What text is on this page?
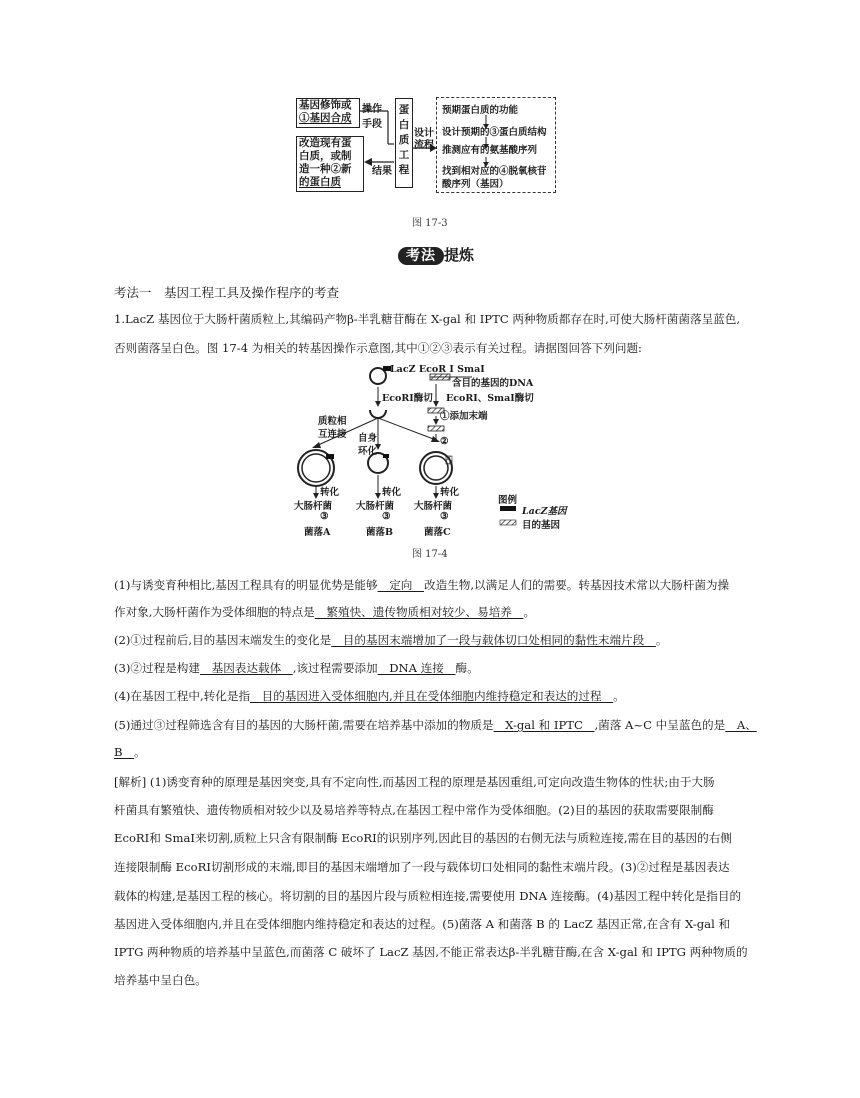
基因修饰或
①基因合成
改造现有蛋
白质，或制
造一种②新
的蛋白质
操作
手段
结果
蛋
白
质
工
程
设计
流程
预期蛋白质的功能
设计预期的③蛋白质结构
推测应有的氨基酸序列
找到相对应的④脱氧核苷
酸序列（基因）
图 17-3
考法 提炼
考法一　基因工程工具及操作程序的考查
1.LacZ 基因位于大肠杆菌质粒上,其编码产物β-半乳糖苷酶在 X-gal 和 IPTC 两种物质都存在时,可使大肠杆菌菌落呈蓝色,
否则菌落呈白色。图 17-4 为相关的转基因操作示意图,其中①②③表示有关过程。请据图回答下列问题:
LacZ EcoR Ⅰ SmaⅠ
含目的基因的DNA
EcoRⅠ酶切 EcoRⅠ、SmaⅠ酶切
①添加末端
质粒相
互连接 自身
环化
②
转化
大肠杆菌
③
菌落A
转化
大肠杆菌
③
菌落B
转化
大肠杆菌
③
菌落C
图例
LacZ基因
目的基因
图 17-4
(1)与诱变育种相比,基因工程具有的明显优势是能够　定向　改造生物,以满足人们的需要。转基因技术常以大肠杆菌为操
作对象,大肠杆菌作为受体细胞的特点是　繁殖快、遗传物质相对较少、易培养　。
(2)①过程前后,目的基因末端发生的变化是　目的基因末端增加了一段与载体切口处相同的黏性末端片段　。
(3)②过程是构建　基因表达载体　,该过程需要添加　DNA 连接　酶。
(4)在基因工程中,转化是指　目的基因进入受体细胞内,并且在受体细胞内维持稳定和表达的过程　。
(5)通过③过程筛选含有目的基因的大肠杆菌,需要在培养基中添加的物质是　X-gal 和 IPTC　,菌落 A~C 中呈蓝色的是　A、
B　。
[解析] (1)诱变育种的原理是基因突变,具有不定向性,而基因工程的原理是基因重组,可定向改造生物体的性状;由于大肠
杆菌具有繁殖快、遗传物质相对较少以及易培养等特点,在基因工程中常作为受体细胞。(2)目的基因的获取需要限制酶
EcoRⅠ和 SmaⅠ来切割,质粒上只含有限制酶 EcoRⅠ的识别序列,因此目的基因的右侧无法与质粒连接,需在目的基因的右侧
连接限制酶 EcoRⅠ切割形成的末端,即目的基因末端增加了一段与载体切口处相同的黏性末端片段。(3)②过程是基因表达
载体的构建,是基因工程的核心。将切割的目的基因片段与质粒相连接,需要使用 DNA 连接酶。(4)基因工程中转化是指目的
基因进入受体细胞内,并且在受体细胞内维持稳定和表达的过程。(5)菌落 A 和菌落 B 的 LacZ 基因正常,在含有 X-gal 和
IPTG 两种物质的培养基中呈蓝色,而菌落 C 破坏了 LacZ 基因,不能正常表达β-半乳糖苷酶,在含 X-gal 和 IPTG 两种物质的
培养基中呈白色。
